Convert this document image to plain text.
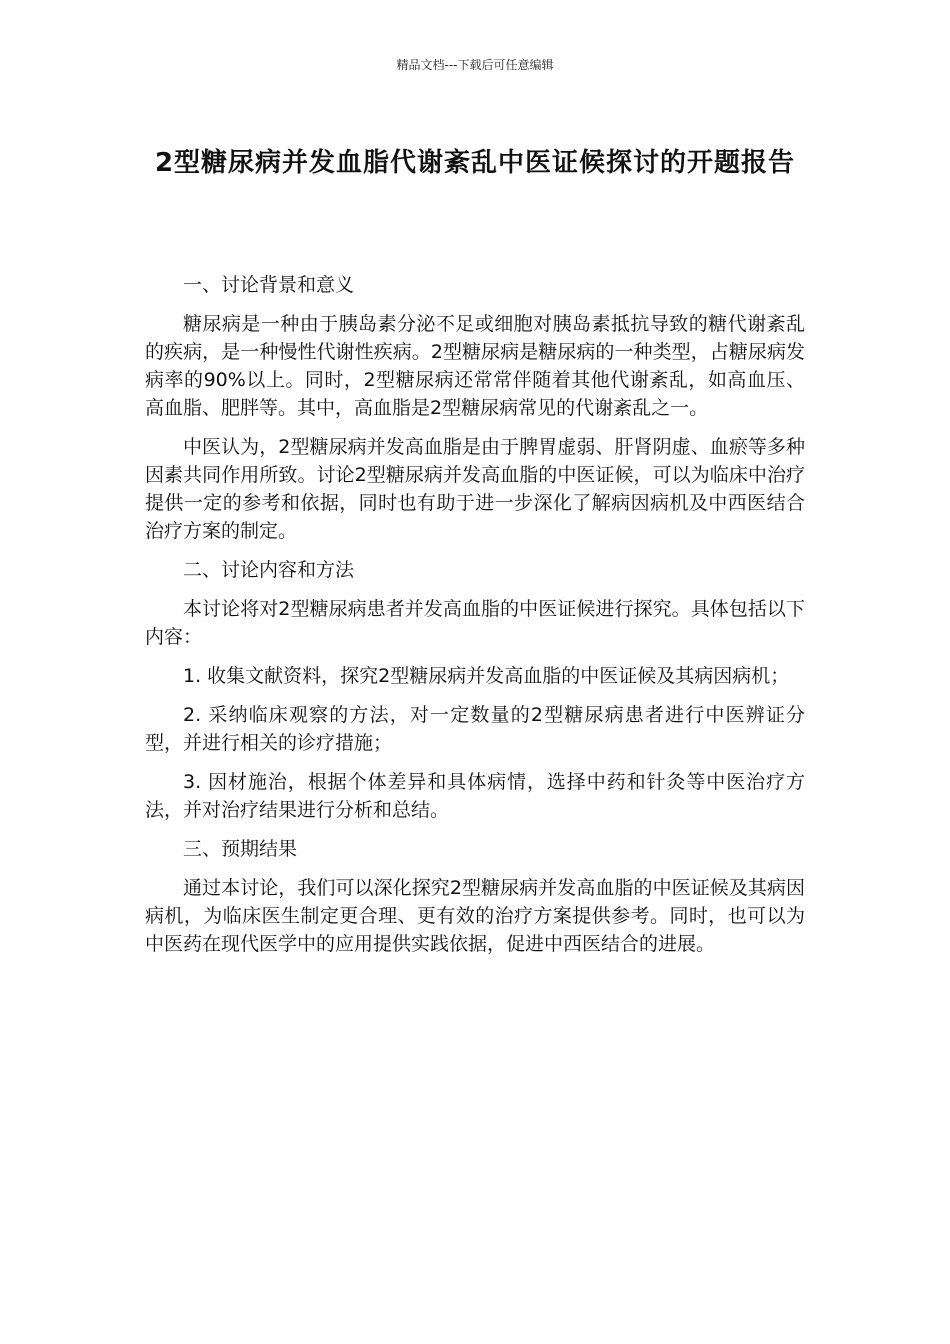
精品文档---下载后可任意编辑
2型糖尿病并发血脂代谢紊乱中医证候探讨的开题报告

一、讨论背景和意义

糖尿病是一种由于胰岛素分泌不足或细胞对胰岛素抵抗导致的糖代谢紊乱的疾病，是一种慢性代谢性疾病。2型糖尿病是糖尿病的一种类型，占糖尿病发病率的90%以上。同时，2型糖尿病还常常伴随着其他代谢紊乱，如高血压、高血脂、肥胖等。其中，高血脂是2型糖尿病常见的代谢紊乱之一。

中医认为，2型糖尿病并发高血脂是由于脾胃虚弱、肝肾阴虚、血瘀等多种因素共同作用所致。讨论2型糖尿病并发高血脂的中医证候，可以为临床中治疗提供一定的参考和依据，同时也有助于进一步深化了解病因病机及中西医结合治疗方案的制定。

二、讨论内容和方法

本讨论将对2型糖尿病患者并发高血脂的中医证候进行探究。具体包括以下内容：

1. 收集文献资料，探究2型糖尿病并发高血脂的中医证候及其病因病机；

2. 采纳临床观察的方法，对一定数量的2型糖尿病患者进行中医辨证分型，并进行相关的诊疗措施；

3. 因材施治，根据个体差异和具体病情，选择中药和针灸等中医治疗方法，并对治疗结果进行分析和总结。

三、预期结果

通过本讨论，我们可以深化探究2型糖尿病并发高血脂的中医证候及其病因病机，为临床医生制定更合理、更有效的治疗方案提供参考。同时，也可以为中医药在现代医学中的应用提供实践依据，促进中西医结合的进展。
